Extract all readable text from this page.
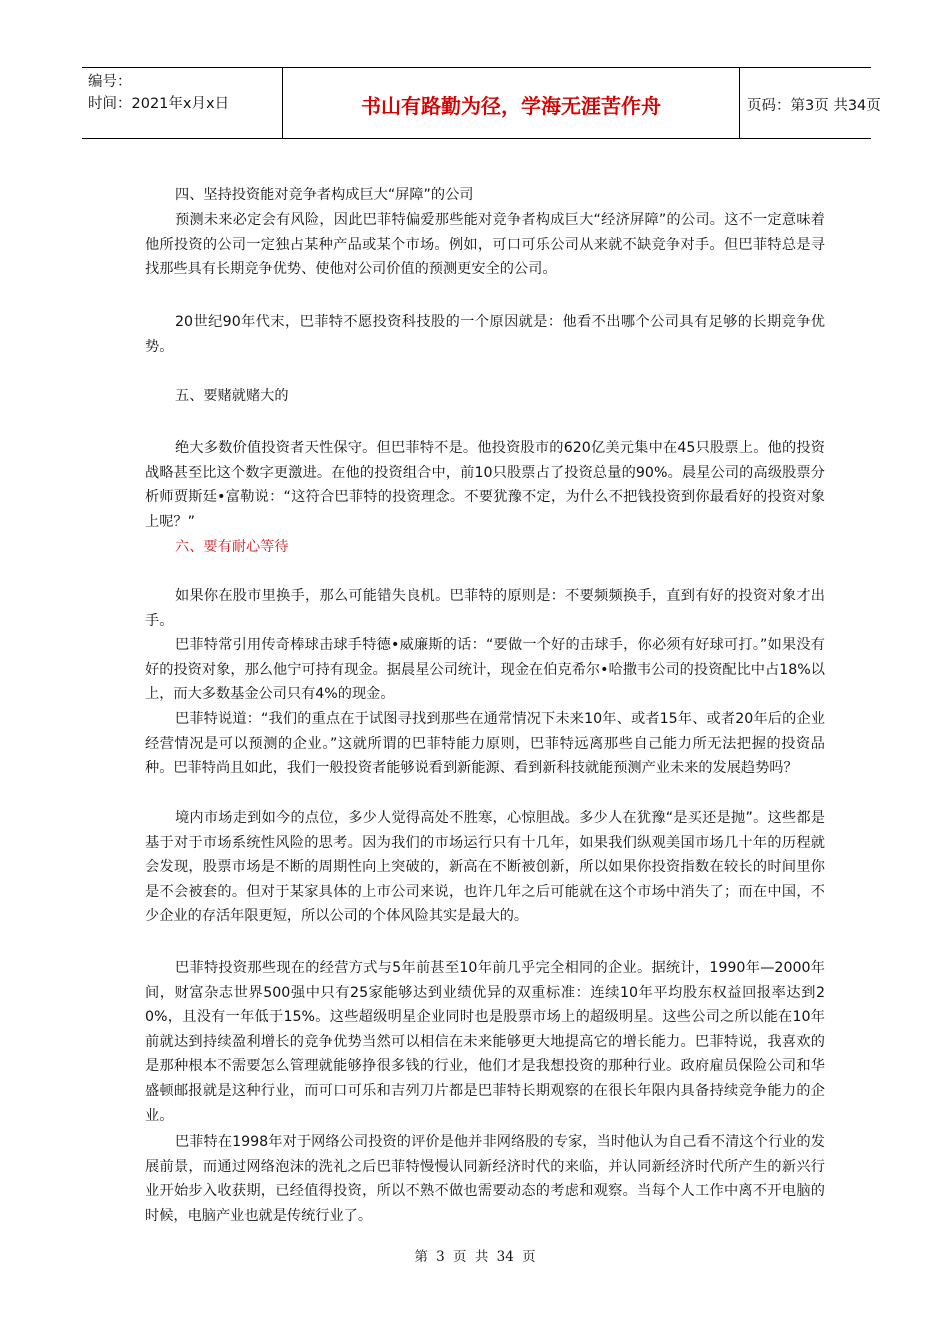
编号：
时间：2021年x月x日	书山有路勤为径，学海无涯苦作舟	页码：第3页 共34页

四、坚持投资能对竞争者构成巨大“屏障”的公司

预测未来必定会有风险，因此巴菲特偏爱那些能对竞争者构成巨大“经济屏障”的公司。这不一定意味着他所投资的公司一定独占某种产品或某个市场。例如，可口可乐公司从来就不缺竞争对手。但巴菲特总是寻找那些具有长期竞争优势、使他对公司价值的预测更安全的公司。

20世纪90年代末，巴菲特不愿投资科技股的一个原因就是：他看不出哪个公司具有足够的长期竞争优势。

五、要赌就赌大的

绝大多数价值投资者天性保守。但巴菲特不是。他投资股市的620亿美元集中在45只股票上。他的投资战略甚至比这个数字更激进。在他的投资组合中，前10只股票占了投资总量的90%。晨星公司的高级股票分析师贾斯廷•富勒说：“这符合巴菲特的投资理念。不要犹豫不定，为什么不把钱投资到你最看好的投资对象上呢？”

六、要有耐心等待

如果你在股市里换手，那么可能错失良机。巴菲特的原则是：不要频频换手，直到有好的投资对象才出手。

巴菲特常引用传奇棒球击球手特德•威廉斯的话：“要做一个好的击球手，你必须有好球可打。”如果没有好的投资对象，那么他宁可持有现金。据晨星公司统计，现金在伯克希尔•哈撒韦公司的投资配比中占18%以上，而大多数基金公司只有4%的现金。

巴菲特说道：“我们的重点在于试图寻找到那些在通常情况下未来10年、或者15年、或者20年后的企业经营情况是可以预测的企业。”这就所谓的巴菲特能力原则，巴菲特远离那些自己能力所无法把握的投资品种。巴菲特尚且如此，我们一般投资者能够说看到新能源、看到新科技就能预测产业未来的发展趋势吗？

境内市场走到如今的点位，多少人觉得高处不胜寒，心惊胆战。多少人在犹豫“是买还是抛”。这些都是基于对于市场系统性风险的思考。因为我们的市场运行只有十几年，如果我们纵观美国市场几十年的历程就会发现，股票市场是不断的周期性向上突破的，新高在不断被创新，所以如果你投资指数在较长的时间里你是不会被套的。但对于某家具体的上市公司来说，也许几年之后可能就在这个市场中消失了；而在中国，不少企业的存活年限更短，所以公司的个体风险其实是最大的。

巴菲特投资那些现在的经营方式与5年前甚至10年前几乎完全相同的企业。据统计，1990年—2000年间，财富杂志世界500强中只有25家能够达到业绩优异的双重标准：连续10年平均股东权益回报率达到20%，且没有一年低于15%。这些超级明星企业同时也是股票市场上的超级明星。这些公司之所以能在10年前就达到持续盈利增长的竞争优势当然可以相信在未来能够更大地提高它的增长能力。巴菲特说，我喜欢的是那种根本不需要怎么管理就能够挣很多钱的行业，他们才是我想投资的那种行业。政府雇员保险公司和华盛顿邮报就是这种行业，而可口可乐和吉列刀片都是巴菲特长期观察的在很长年限内具备持续竞争能力的企业。

巴菲特在1998年对于网络公司投资的评价是他并非网络股的专家，当时他认为自己看不清这个行业的发展前景，而通过网络泡沫的洗礼之后巴菲特慢慢认同新经济时代的来临，并认同新经济时代所产生的新兴行业开始步入收获期，已经值得投资，所以不熟不做也需要动态的考虑和观察。当每个人工作中离不开电脑的时候，电脑产业也就是传统行业了。

第 3 页 共 34 页
